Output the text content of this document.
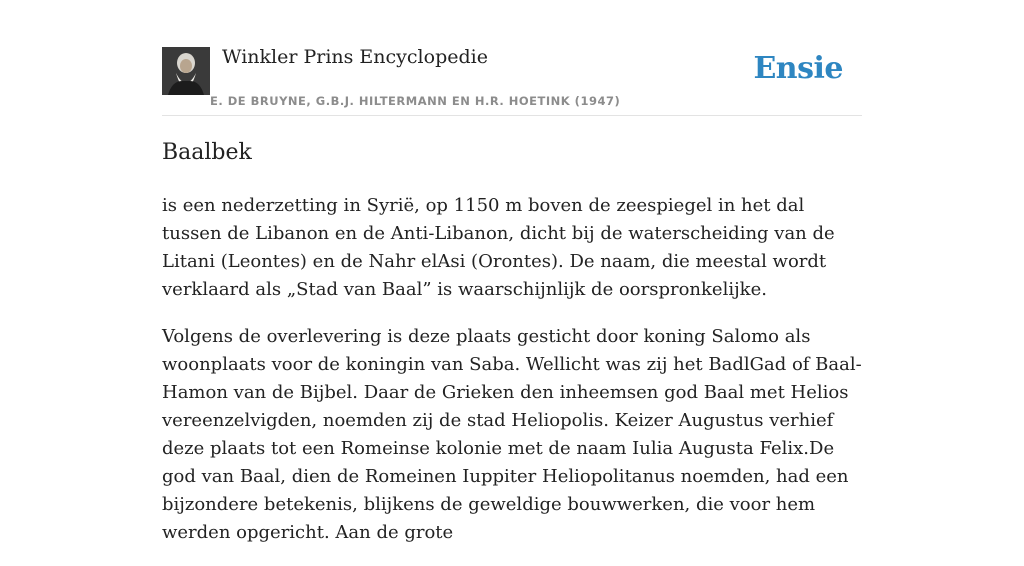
Winkler Prins Encyclopedie
E. DE BRUYNE, G.B.J. HILTERMANN EN H.R. HOETINK (1947)
Ensie
Baalbek

is een nederzetting in Syrië, op 1150 m boven de zeespiegel in het dal tussen de Libanon en de Anti-Libanon, dicht bij de waterscheiding van de Litani (Leontes) en de Nahr elAsi (Orontes). De naam, die meestal wordt verklaard als „Stad van Baal” is waarschijnlijk de oorspronkelijke.

Volgens de overlevering is deze plaats gesticht door koning Salomo als woonplaats voor de koningin van Saba. Wellicht was zij het BadlGad of Baal-Hamon van de Bijbel. Daar de Grieken den inheemsen god Baal met Helios vereenzelvigden, noemden zij de stad Heliopolis. Keizer Augustus verhief deze plaats tot een Romeinse kolonie met de naam Iulia Augusta Felix.De god van Baal, dien de Romeinen Iuppiter Heliopolitanus noemden, had een bijzondere betekenis, blijkens de geweldige bouwwerken, die voor hem werden opgericht. Aan de grote
